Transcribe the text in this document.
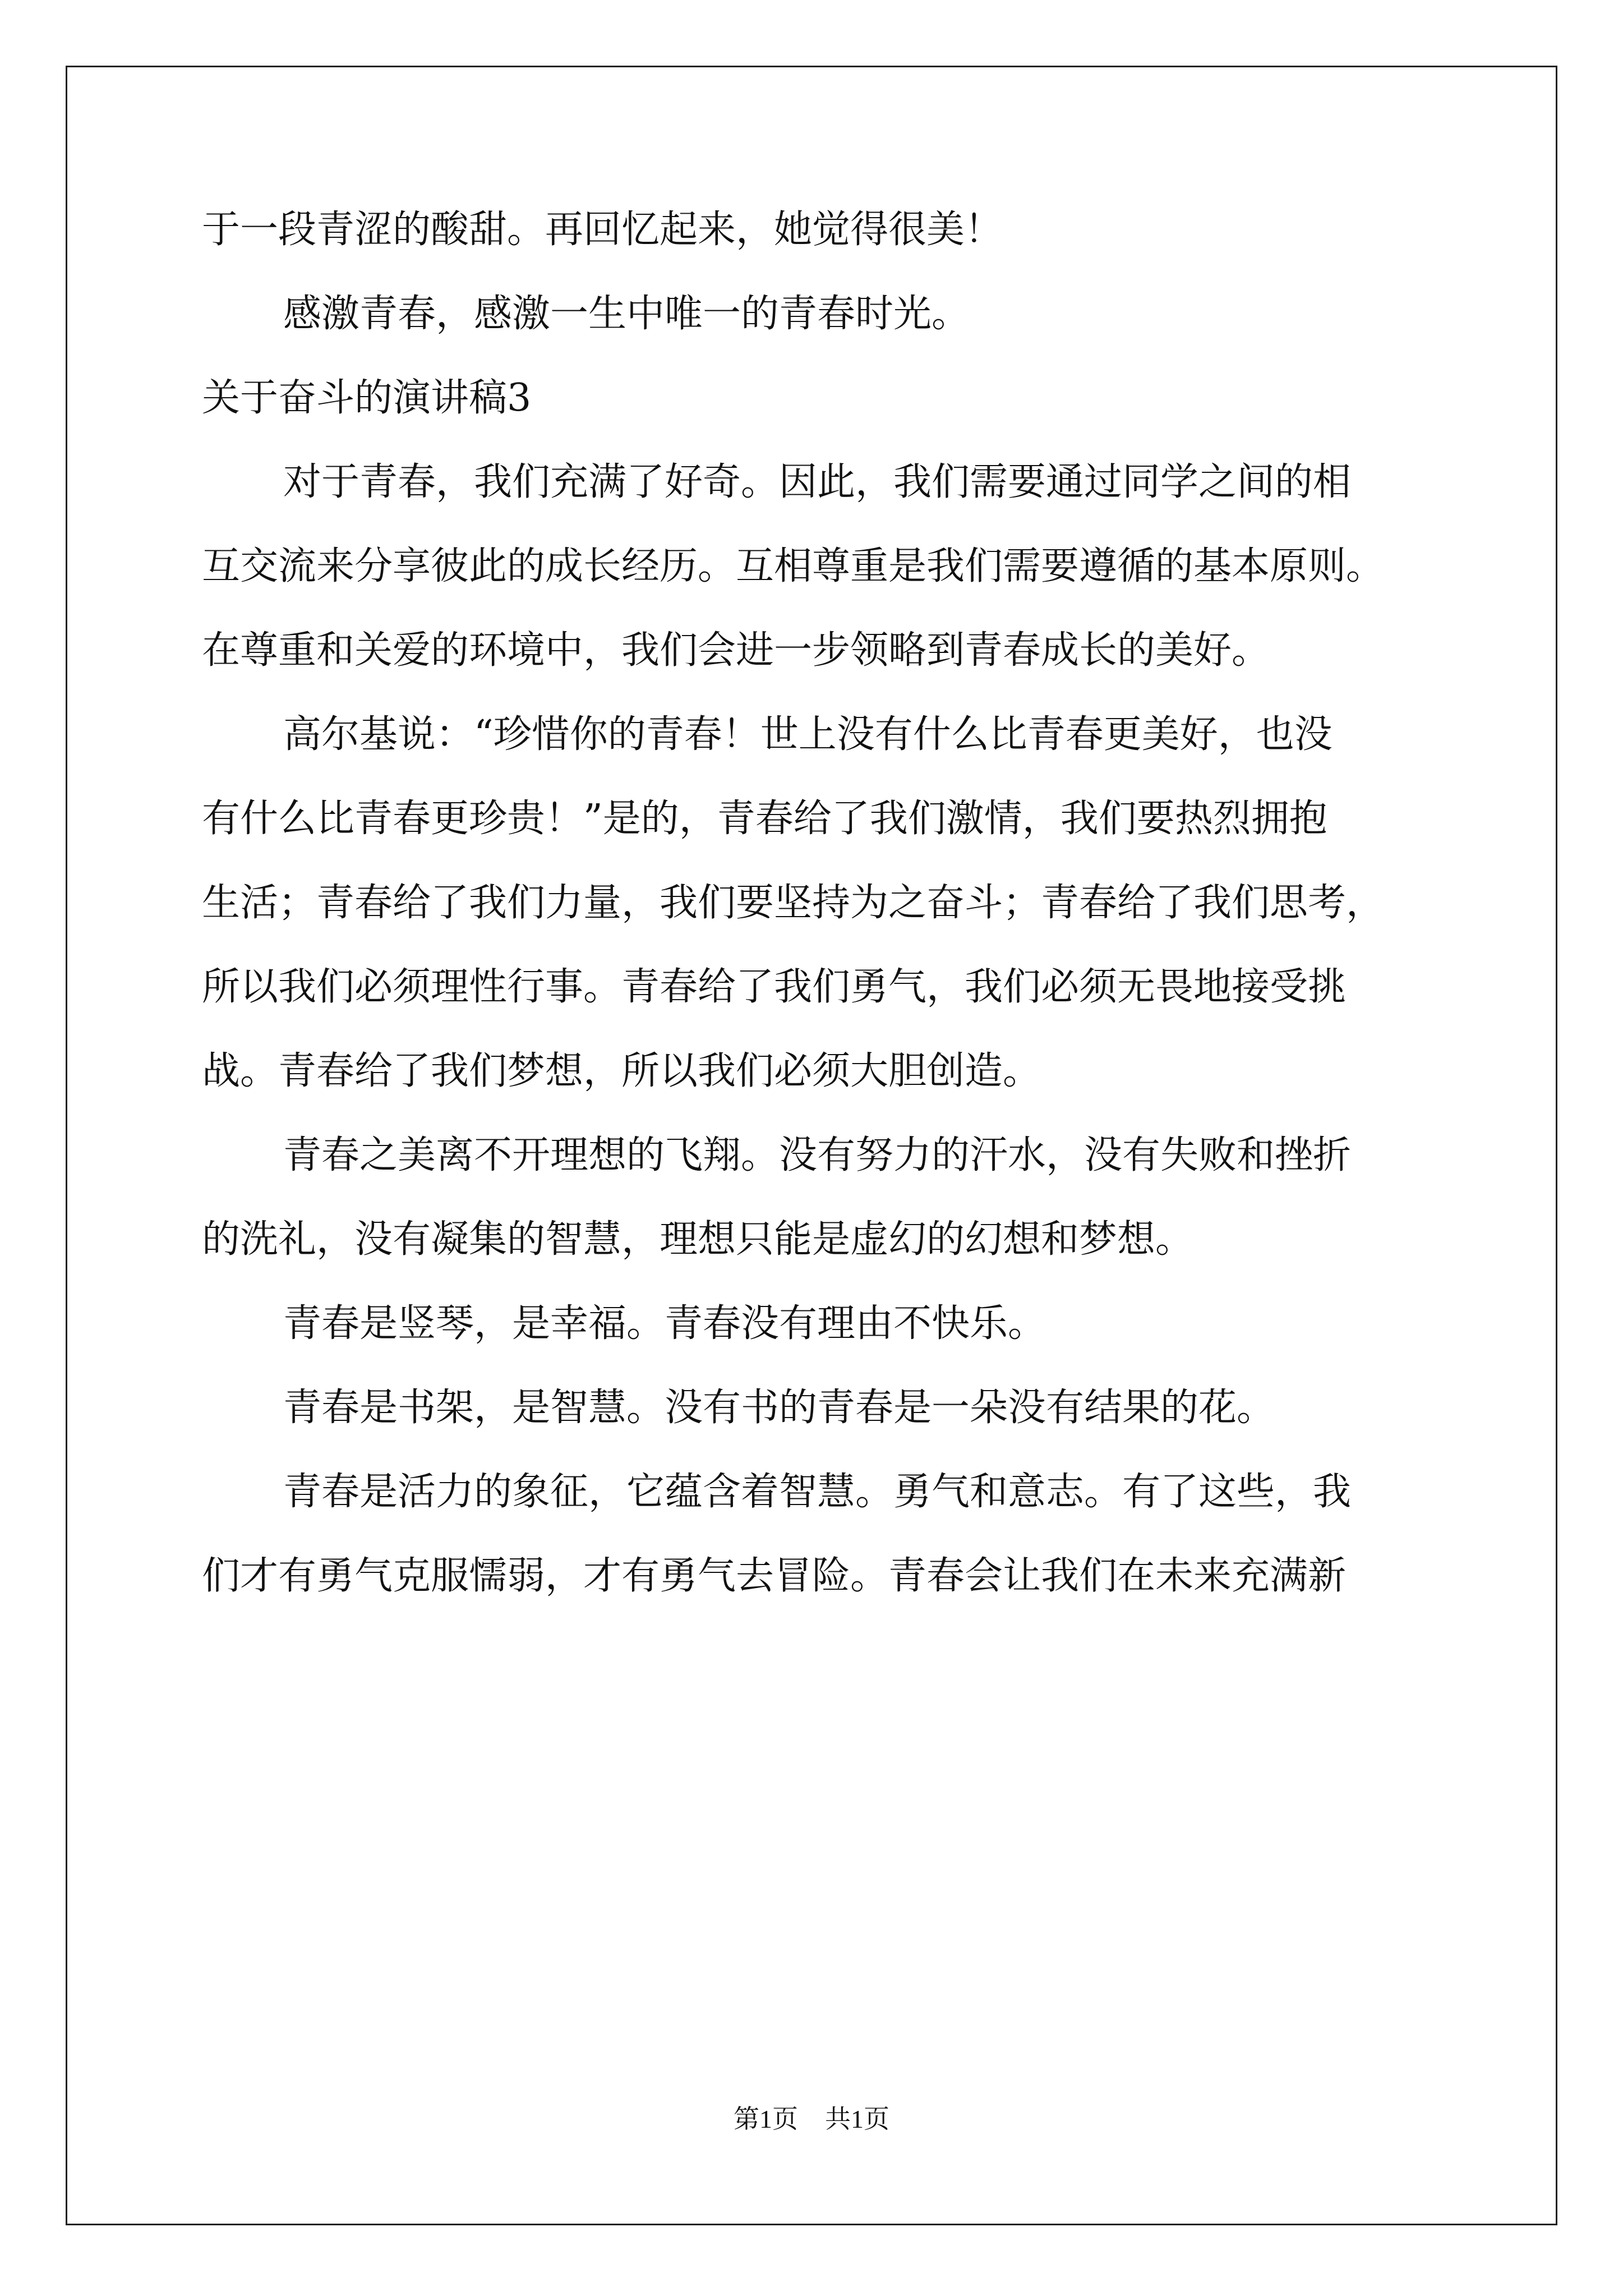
于一段青涩的酸甜。再回忆起来，她觉得很美！
感激青春，感激一生中唯一的青春时光。
关于奋斗的演讲稿3
对于青春，我们充满了好奇。因此，我们需要通过同学之间的相
互交流来分享彼此的成长经历。互相尊重是我们需要遵循的基本原则。
在尊重和关爱的环境中，我们会进一步领略到青春成长的美好。
高尔基说：“珍惜你的青春！世上没有什么比青春更美好，也没
有什么比青春更珍贵！”是的，青春给了我们激情，我们要热烈拥抱
生活；青春给了我们力量，我们要坚持为之奋斗；青春给了我们思考，
所以我们必须理性行事。青春给了我们勇气，我们必须无畏地接受挑
战。青春给了我们梦想，所以我们必须大胆创造。
青春之美离不开理想的飞翔。没有努力的汗水，没有失败和挫折
的洗礼，没有凝集的智慧，理想只能是虚幻的幻想和梦想。
青春是竖琴，是幸福。青春没有理由不快乐。
青春是书架，是智慧。没有书的青春是一朵没有结果的花。
青春是活力的象征，它蕴含着智慧。勇气和意志。有了这些，我
们才有勇气克服懦弱，才有勇气去冒险。青春会让我们在未来充满新
第1页 共1页
